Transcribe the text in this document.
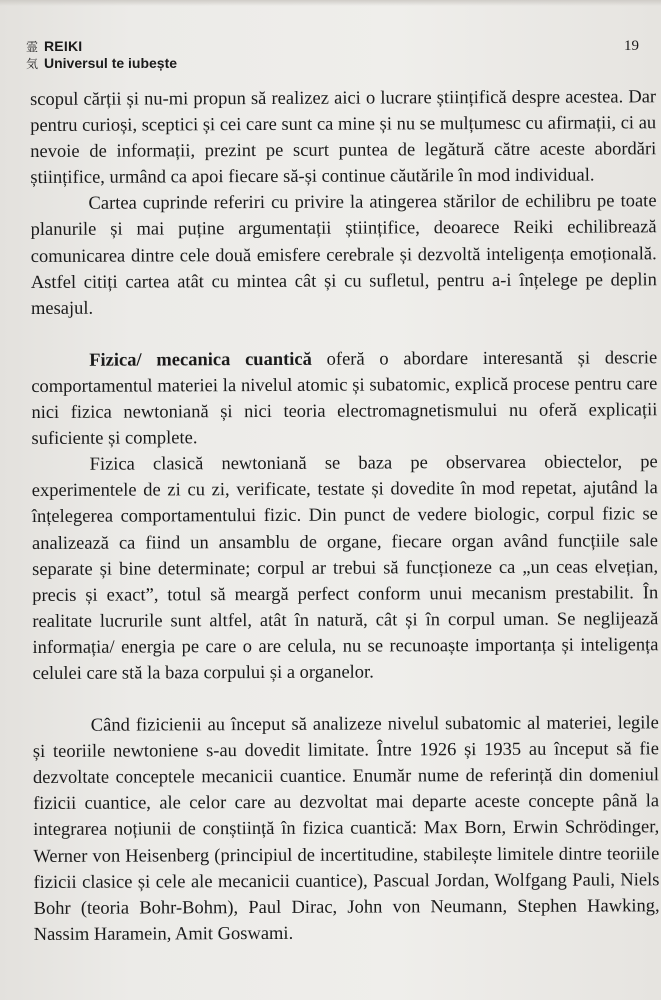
霊 REIKI
気 Universul te iubește
19

scopul cărții și nu-mi propun să realizez aici o lucrare științifică despre acestea. Dar pentru curioși, sceptici și cei care sunt ca mine și nu se mulțumesc cu afirmații, ci au nevoie de informații, prezint pe scurt puntea de legătură către aceste abordări științifice, urmând ca apoi fiecare să-și continue căutările în mod individual.

Cartea cuprinde referiri cu privire la atingerea stărilor de echilibru pe toate planurile și mai puține argumentații științifice, deoarece Reiki echilibrează comunicarea dintre cele două emisfere cerebrale și dezvoltă inteligența emoțională. Astfel citiți cartea atât cu mintea cât și cu sufletul, pentru a-i înțelege pe deplin mesajul.

Fizica/ mecanica cuantică oferă o abordare interesantă și descrie comportamentul materiei la nivelul atomic și subatomic, explică procese pentru care nici fizica newtoniană și nici teoria electromagnetismului nu oferă explicații suficiente și complete.

Fizica clasică newtoniană se baza pe observarea obiectelor, pe experimentele de zi cu zi, verificate, testate și dovedite în mod repetat, ajutând la înțelegerea comportamentului fizic. Din punct de vedere biologic, corpul fizic se analizează ca fiind un ansamblu de organe, fiecare organ având funcțiile sale separate și bine determinate; corpul ar trebui să funcționeze ca „un ceas elvețian, precis și exact”, totul să meargă perfect conform unui mecanism prestabilit. În realitate lucrurile sunt altfel, atât în natură, cât și în corpul uman. Se neglijează informația/ energia pe care o are celula, nu se recunoaște importanța și inteligența celulei care stă la baza corpului și a organelor.

Când fizicienii au început să analizeze nivelul subatomic al materiei, legile și teoriile newtoniene s-au dovedit limitate. Între 1926 și 1935 au început să fie dezvoltate conceptele mecanicii cuantice. Enumăr nume de referință din domeniul fizicii cuantice, ale celor care au dezvoltat mai departe aceste concepte până la integrarea noțiunii de conștiință în fizica cuantică: Max Born, Erwin Schrödinger, Werner von Heisenberg (principiul de incertitudine, stabilește limitele dintre teoriile fizicii clasice și cele ale mecanicii cuantice), Pascual Jordan, Wolfgang Pauli, Niels Bohr (teoria Bohr-Bohm), Paul Dirac, John von Neumann, Stephen Hawking, Nassim Haramein, Amit Goswami.
